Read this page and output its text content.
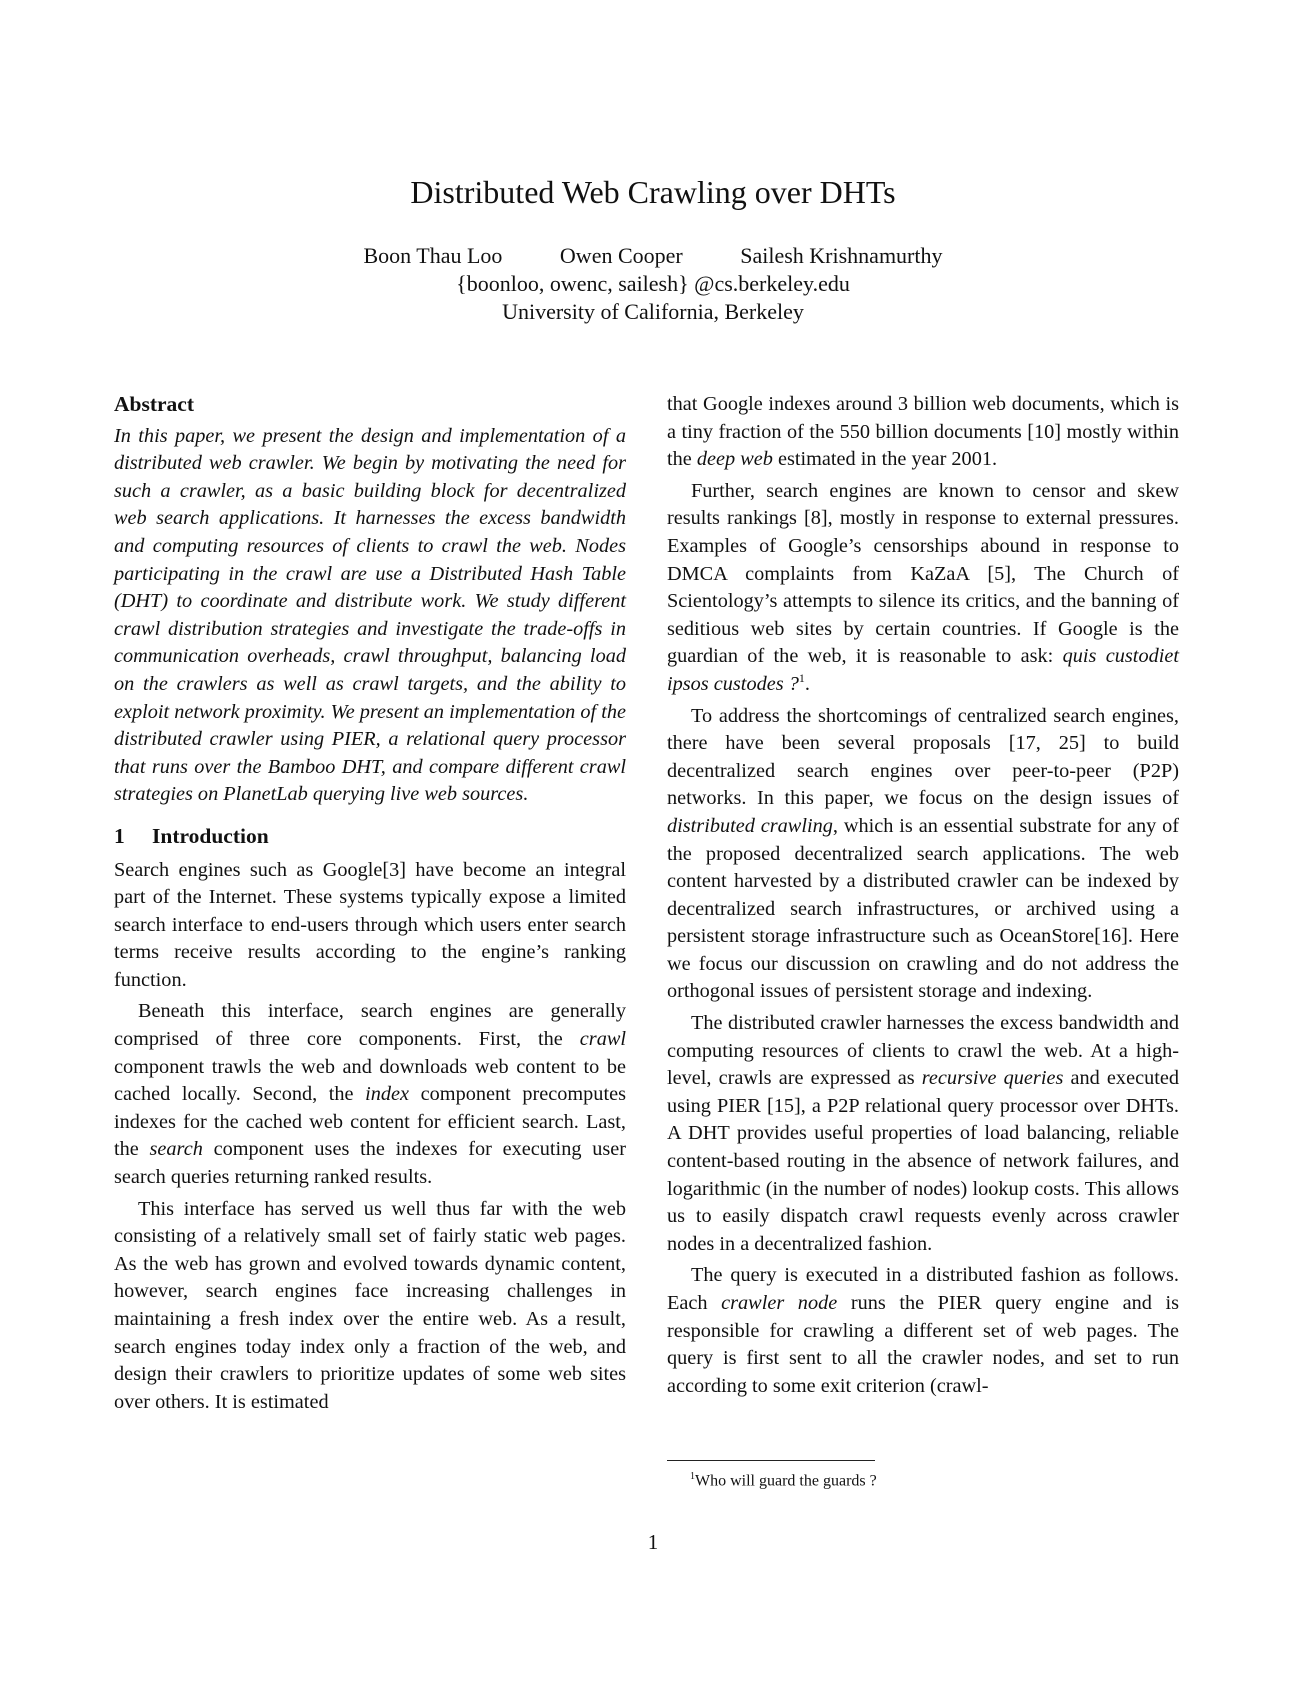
Distributed Web Crawling over DHTs
Boon Thau Loo	Owen Cooper	Sailesh Krishnamurthy
{boonloo, owenc, sailesh} @cs.berkeley.edu
University of California, Berkeley
Abstract

In this paper, we present the design and implementation of a distributed web crawler. We begin by motivating the need for such a crawler, as a basic building block for decentralized web search applications. It harnesses the excess bandwidth and computing resources of clients to crawl the web. Nodes participating in the crawl are use a Distributed Hash Table (DHT) to coordinate and distribute work. We study different crawl distribution strategies and investigate the trade-offs in communication overheads, crawl throughput, balancing load on the crawlers as well as crawl targets, and the ability to exploit network proximity. We present an implementation of the distributed crawler using PIER, a relational query processor that runs over the Bamboo DHT, and compare different crawl strategies on PlanetLab querying live web sources.

1 Introduction

Search engines such as Google[3] have become an integral part of the Internet. These systems typically expose a limited search interface to end-users through which users enter search terms receive results according to the engine’s ranking function.

Beneath this interface, search engines are generally comprised of three core components. First, the crawl component trawls the web and downloads web content to be cached locally. Second, the index component precomputes indexes for the cached web content for efficient search. Last, the search component uses the indexes for executing user search queries returning ranked results.

This interface has served us well thus far with the web consisting of a relatively small set of fairly static web pages. As the web has grown and evolved towards dynamic content, however, search engines face increasing challenges in maintaining a fresh index over the entire web. As a result, search engines today index only a fraction of the web, and design their crawlers to prioritize updates of some web sites over others. It is estimated

that Google indexes around 3 billion web documents, which is a tiny fraction of the 550 billion documents [10] mostly within the deep web estimated in the year 2001.

Further, search engines are known to censor and skew results rankings [8], mostly in response to external pressures. Examples of Google’s censorships abound in response to DMCA complaints from KaZaA [5], The Church of Scientology’s attempts to silence its critics, and the banning of seditious web sites by certain countries. If Google is the guardian of the web, it is reasonable to ask: quis custodiet ipsos custodes ?$^1$.

To address the shortcomings of centralized search engines, there have been several proposals [17, 25] to build decentralized search engines over peer-to-peer (P2P) networks. In this paper, we focus on the design issues of distributed crawling, which is an essential substrate for any of the proposed decentralized search applications. The web content harvested by a distributed crawler can be indexed by decentralized search infrastructures, or archived using a persistent storage infrastructure such as OceanStore[16]. Here we focus our discussion on crawling and do not address the orthogonal issues of persistent storage and indexing.

The distributed crawler harnesses the excess bandwidth and computing resources of clients to crawl the web. At a high-level, crawls are expressed as recursive queries and executed using PIER [15], a P2P relational query processor over DHTs. A DHT provides useful properties of load balancing, reliable content-based routing in the absence of network failures, and logarithmic (in the number of nodes) lookup costs. This allows us to easily dispatch crawl requests evenly across crawler nodes in a decentralized fashion.

The query is executed in a distributed fashion as follows. Each crawler node runs the PIER query engine and is responsible for crawling a different set of web pages. The query is first sent to all the crawler nodes, and set to run according to some exit criterion (crawl-

$^1$Who will guard the guards ?
1
